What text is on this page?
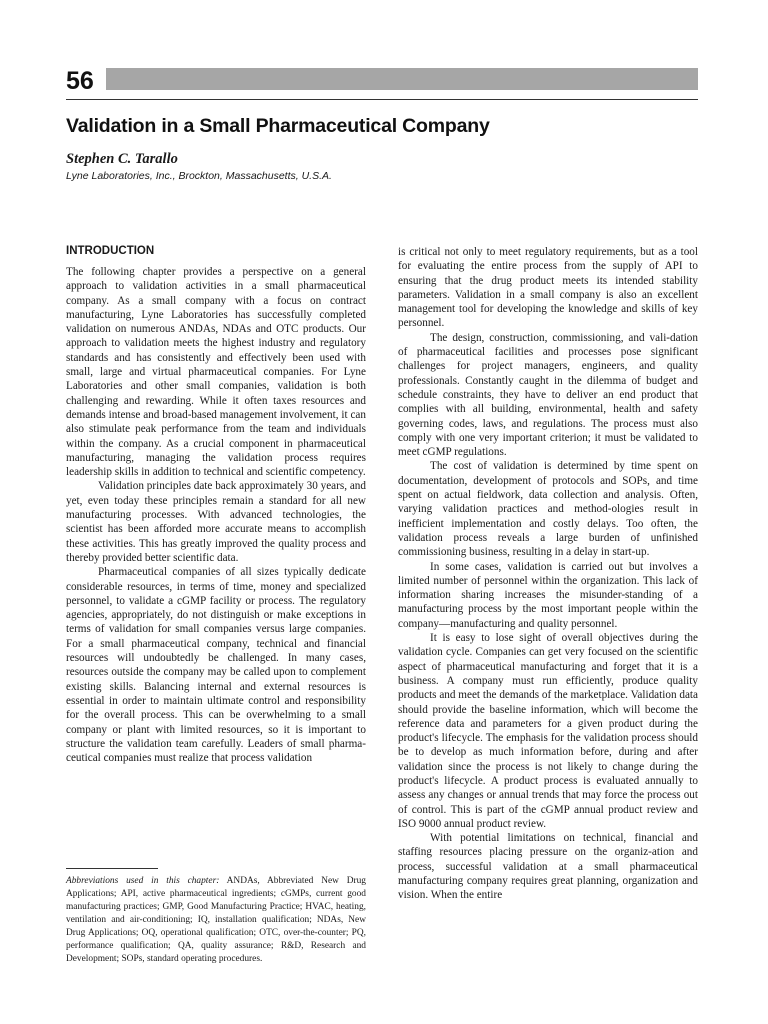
56
Validation in a Small Pharmaceutical Company
Stephen C. Tarallo
Lyne Laboratories, Inc., Brockton, Massachusetts, U.S.A.
INTRODUCTION

The following chapter provides a perspective on a general approach to validation activities in a small pharmaceutical company. As a small company with a focus on contract manufacturing, Lyne Laboratories has successfully completed validation on numerous ANDAs, NDAs and OTC products. Our approach to validation meets the highest industry and regulatory standards and has consistently and effectively been used with small, large and virtual pharmaceutical companies. For Lyne Laboratories and other small companies, validation is both challenging and rewarding. While it often taxes resources and demands intense and broad-based management involvement, it can also stimulate peak performance from the team and individuals within the company. As a crucial component in pharmaceutical manufacturing, managing the validation process requires leadership skills in addition to technical and scientific competency.

Validation principles date back approximately 30 years, and yet, even today these principles remain a standard for all new manufacturing processes. With advanced technologies, the scientist has been afforded more accurate means to accomplish these activities. This has greatly improved the quality process and thereby provided better scientific data.

Pharmaceutical companies of all sizes typically dedicate considerable resources, in terms of time, money and specialized personnel, to validate a cGMP facility or process. The regulatory agencies, appropriately, do not distinguish or make exceptions in terms of validation for small companies versus large companies. For a small pharmaceutical company, technical and financial resources will undoubtedly be challenged. In many cases, resources outside the company may be called upon to complement existing skills. Balancing internal and external resources is essential in order to maintain ultimate control and responsibility for the overall process. This can be overwhelming to a small company or plant with limited resources, so it is important to structure the validation team carefully. Leaders of small pharma-ceutical companies must realize that process validation

Abbreviations used in this chapter: ANDAs, Abbreviated New Drug Applications; API, active pharmaceutical ingredients; cGMPs, current good manufacturing practices; GMP, Good Manufacturing Practice; HVAC, heating, ventilation and air-conditioning; IQ, installation qualification; NDAs, New Drug Applications; OQ, operational qualification; OTC, over-the-counter; PQ, performance qualification; QA, quality assurance; R&D, Research and Development; SOPs, standard operating procedures.

is critical not only to meet regulatory requirements, but as a tool for evaluating the entire process from the supply of API to ensuring that the drug product meets its intended stability parameters. Validation in a small company is also an excellent management tool for developing the knowledge and skills of key personnel.

The design, construction, commissioning, and vali-dation of pharmaceutical facilities and processes pose significant challenges for project managers, engineers, and quality professionals. Constantly caught in the dilemma of budget and schedule constraints, they have to deliver an end product that complies with all building, environmental, health and safety governing codes, laws, and regulations. The process must also comply with one very important criterion; it must be validated to meet cGMP regulations.

The cost of validation is determined by time spent on documentation, development of protocols and SOPs, and time spent on actual fieldwork, data collection and analysis. Often, varying validation practices and method-ologies result in inefficient implementation and costly delays. Too often, the validation process reveals a large burden of unfinished commissioning business, resulting in a delay in start-up.

In some cases, validation is carried out but involves a limited number of personnel within the organization. This lack of information sharing increases the misunder-standing of a manufacturing process by the most important people within the company—manufacturing and quality personnel.

It is easy to lose sight of overall objectives during the validation cycle. Companies can get very focused on the scientific aspect of pharmaceutical manufacturing and forget that it is a business. A company must run efficiently, produce quality products and meet the demands of the marketplace. Validation data should provide the baseline information, which will become the reference data and parameters for a given product during the product's lifecycle. The emphasis for the validation process should be to develop as much information before, during and after validation since the process is not likely to change during the product's lifecycle. A product process is evaluated annually to assess any changes or annual trends that may force the process out of control. This is part of the cGMP annual product review and ISO 9000 annual product review.

With potential limitations on technical, financial and staffing resources placing pressure on the organiz-ation and process, successful validation at a small pharmaceutical manufacturing company requires great planning, organization and vision. When the entire
